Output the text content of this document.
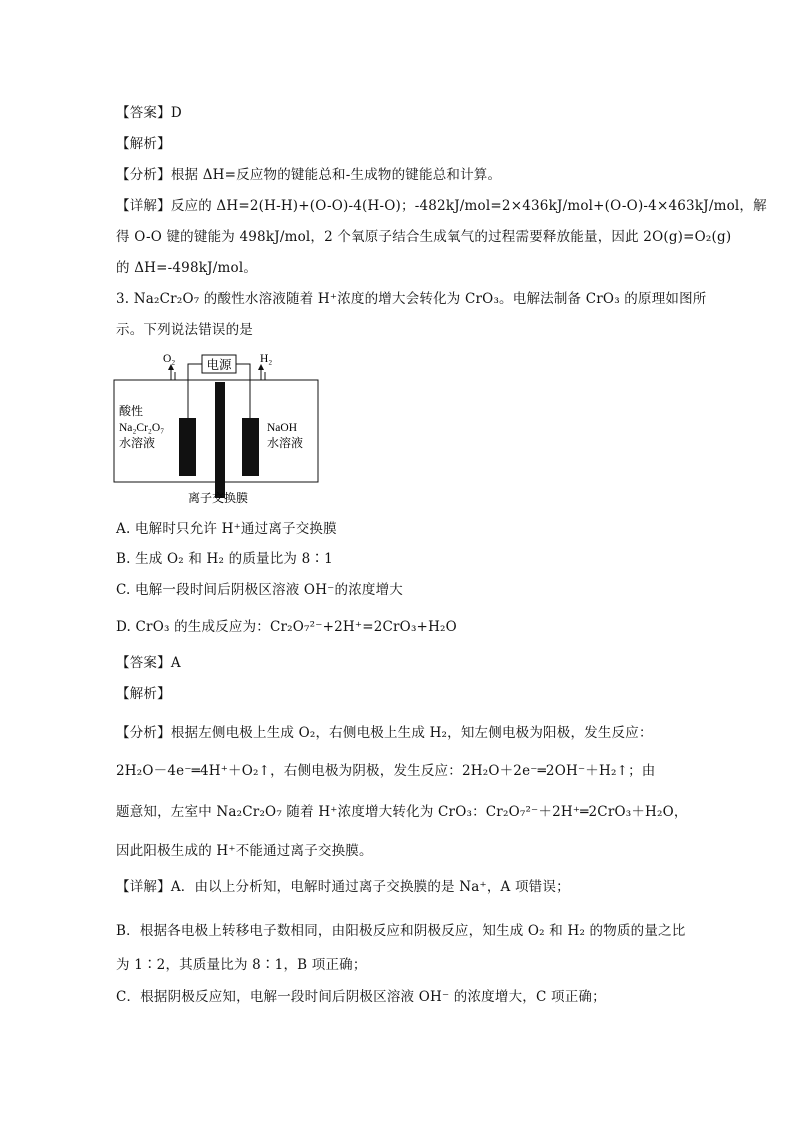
【答案】D
【解析】
【分析】根据 ΔH=反应物的键能总和-生成物的键能总和计算。
【详解】反应的 ΔH=2(H-H)+(O-O)-4(H-O)；-482kJ/mol=2×436kJ/mol+(O-O)-4×463kJ/mol，解
得 O-O 键的键能为 498kJ/mol，2 个氧原子结合生成氧气的过程需要释放能量，因此 2O(g)=O₂(g)
的 ΔH=-498kJ/mol。
3. Na₂Cr₂O₇ 的酸性水溶液随着 H⁺浓度的增大会转化为 CrO₃。电解法制备 CrO₃ 的原理如图所
示。下列说法错误的是
电源
O₂	H₂
酸性
Na₂Cr₂O₇
水溶液
NaOH
水溶液
离子交换膜
A. 电解时只允许 H⁺通过离子交换膜
B. 生成 O₂ 和 H₂ 的质量比为 8∶1
C. 电解一段时间后阴极区溶液 OH⁻的浓度增大
D. CrO₃ 的生成反应为：Cr₂O₇²⁻+2H⁺=2CrO₃+H₂O
【答案】A
【解析】
【分析】根据左侧电极上生成 O₂，右侧电极上生成 H₂，知左侧电极为阳极，发生反应：
2H₂O－4e⁻═4H⁺＋O₂↑，右侧电极为阴极，发生反应：2H₂O＋2e⁻═2OH⁻＋H₂↑；由
题意知，左室中 Na₂Cr₂O₇ 随着 H⁺浓度增大转化为 CrO₃：Cr₂O₇²⁻＋2H⁺═2CrO₃＋H₂O，
因此阳极生成的 H⁺不能通过离子交换膜。
【详解】A．由以上分析知，电解时通过离子交换膜的是 Na⁺，A 项错误；
B．根据各电极上转移电子数相同，由阳极反应和阴极反应，知生成 O₂ 和 H₂ 的物质的量之比
为 1∶2，其质量比为 8∶1，B 项正确；
C．根据阴极反应知，电解一段时间后阴极区溶液 OH⁻ 的浓度增大，C 项正确；
